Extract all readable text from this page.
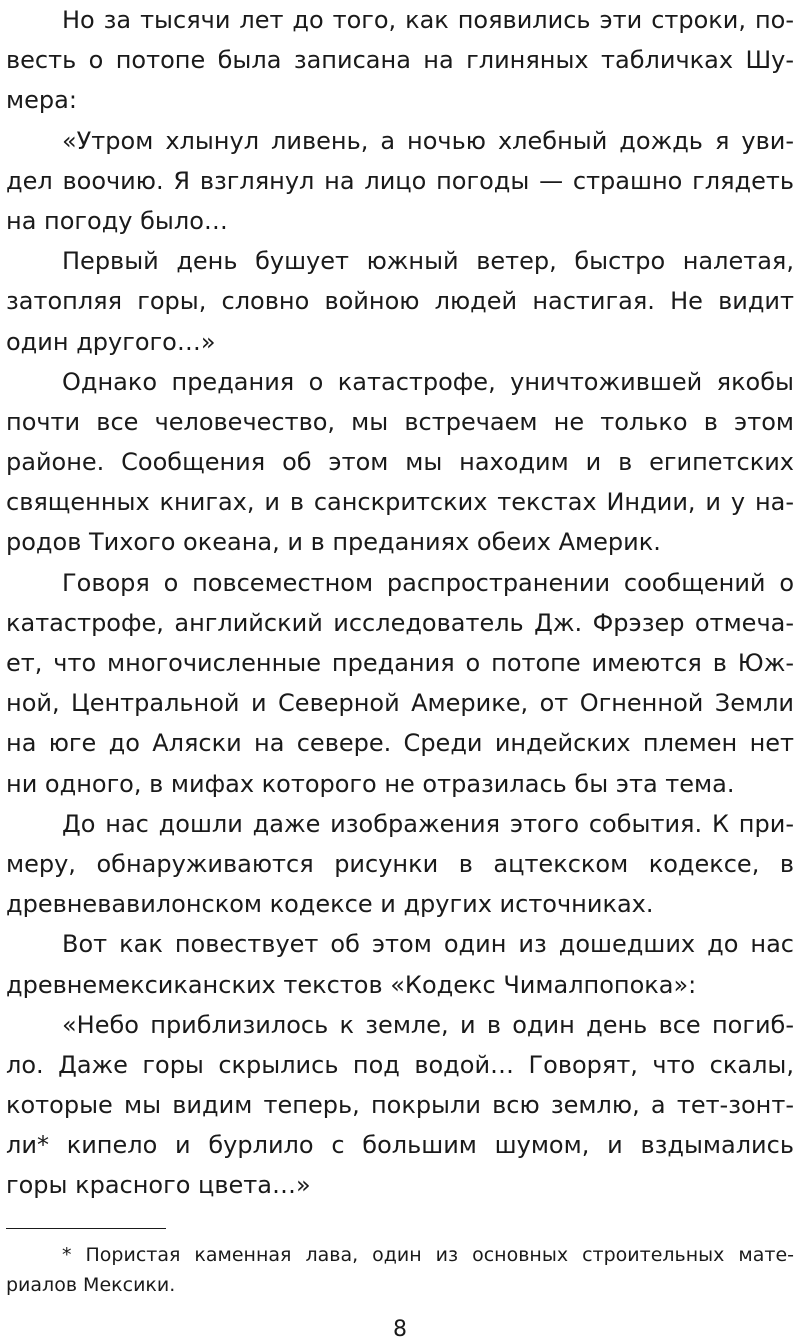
Но за тысячи лет до того, как появились эти строки, по-
весть о потопе была записана на глиняных табличках Шу-
мера:
«Утром хлынул ливень, а ночью хлебный дождь я уви-
дел воочию. Я взглянул на лицо погоды — страшно глядеть
на погоду было…
Первый день бушует южный ветер, быстро налетая,
затопляя горы, словно войною людей настигая. Не видит
один другого…»
Однако предания о катастрофе, уничтожившей якобы
почти все человечество, мы встречаем не только в этом
районе. Сообщения об этом мы находим и в египетских
священных книгах, и в санскритских текстах Индии, и у на-
родов Тихого океана, и в преданиях обеих Америк.
Говоря о повсеместном распространении сообщений о
катастрофе, английский исследователь Дж. Фрэзер отмеча-
ет, что многочисленные предания о потопе имеются в Юж-
ной, Центральной и Северной Америке, от Огненной Земли
на юге до Аляски на севере. Среди индейских племен нет
ни одного, в мифах которого не отразилась бы эта тема.
До нас дошли даже изображения этого события. К при-
меру, обнаруживаются рисунки в ацтекском кодексе, в
древневавилонском кодексе и других источниках.
Вот как повествует об этом один из дошедших до нас
древнемексиканских текстов «Кодекс Чималпопока»:
«Небо приблизилось к земле, и в один день все погиб-
ло. Даже горы скрылись под водой… Говорят, что скалы,
которые мы видим теперь, покрыли всю землю, а тет-зонт-
ли* кипело и бурлило с большим шумом, и вздымались
горы красного цвета…»
* Пористая каменная лава, один из основных строительных мате-
риалов Мексики.
8
